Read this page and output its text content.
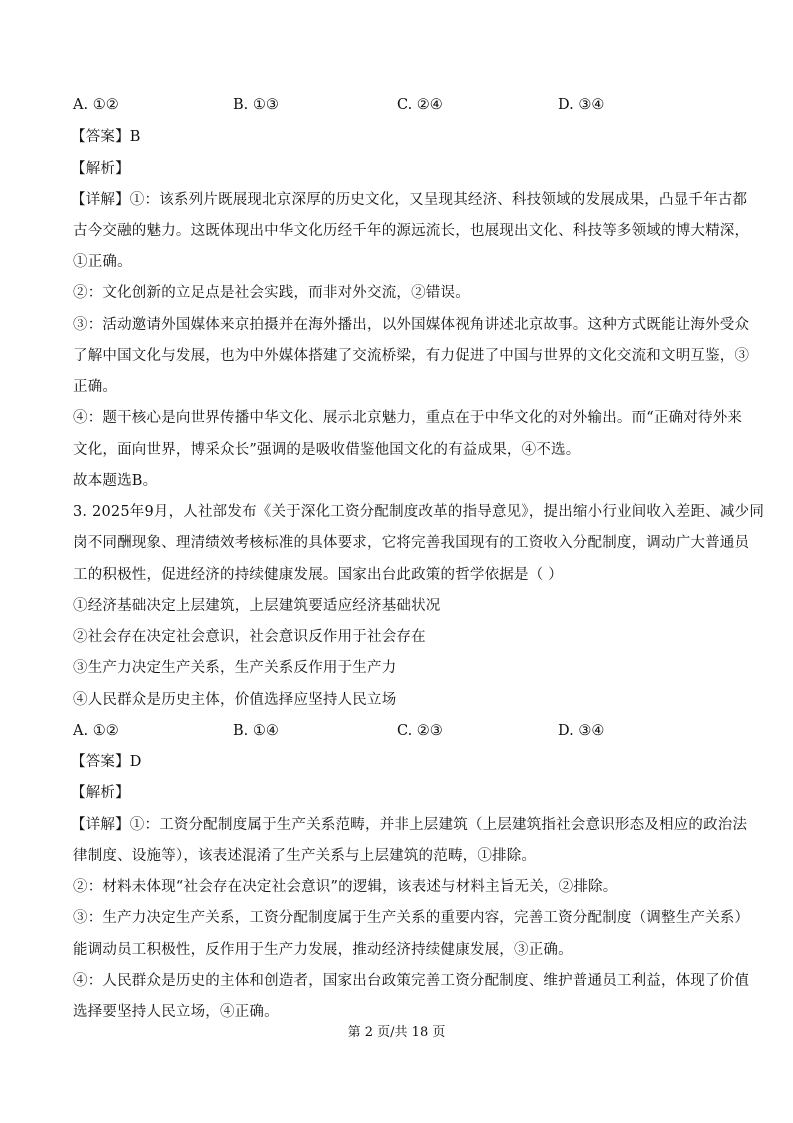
A. ①②	B. ①③	C. ②④	D. ③④
【答案】B
【解析】
【详解】①：该系列片既展现北京深厚的历史文化，又呈现其经济、科技领域的发展成果，凸显千年古都
古今交融的魅力。这既体现出中华文化历经千年的源远流长，也展现出文化、科技等多领域的博大精深，
①正确。
②：文化创新的立足点是社会实践，而非对外交流，②错误。
③：活动邀请外国媒体来京拍摄并在海外播出，以外国媒体视角讲述北京故事。这种方式既能让海外受众
了解中国文化与发展，也为中外媒体搭建了交流桥梁，有力促进了中国与世界的文化交流和文明互鉴，③
正确。
④：题干核心是向世界传播中华文化、展示北京魅力，重点在于中华文化的对外输出。而“正确对待外来
文化，面向世界，博采众长”强调的是吸收借鉴他国文化的有益成果，④不选。
故本题选B。
3. 2025年9月，人社部发布《关于深化工资分配制度改革的指导意见》，提出缩小行业间收入差距、减少同
岗不同酬现象、理清绩效考核标准的具体要求，它将完善我国现有的工资收入分配制度，调动广大普通员
工的积极性，促进经济的持续健康发展。国家出台此政策的哲学依据是（ ）
①经济基础决定上层建筑，上层建筑要适应经济基础状况
②社会存在决定社会意识，社会意识反作用于社会存在
③生产力决定生产关系，生产关系反作用于生产力
④人民群众是历史主体，价值选择应坚持人民立场
A. ①②	B. ①④	C. ②③	D. ③④
【答案】D
【解析】
【详解】①：工资分配制度属于生产关系范畴，并非上层建筑（上层建筑指社会意识形态及相应的政治法
律制度、设施等），该表述混淆了生产关系与上层建筑的范畴，①排除。
②：材料未体现“社会存在决定社会意识”的逻辑，该表述与材料主旨无关，②排除。
③：生产力决定生产关系，工资分配制度属于生产关系的重要内容，完善工资分配制度（调整生产关系）
能调动员工积极性，反作用于生产力发展，推动经济持续健康发展，③正确。
④：人民群众是历史的主体和创造者，国家出台政策完善工资分配制度、维护普通员工利益，体现了价值
选择要坚持人民立场，④正确。
第 2 页/共 18 页
